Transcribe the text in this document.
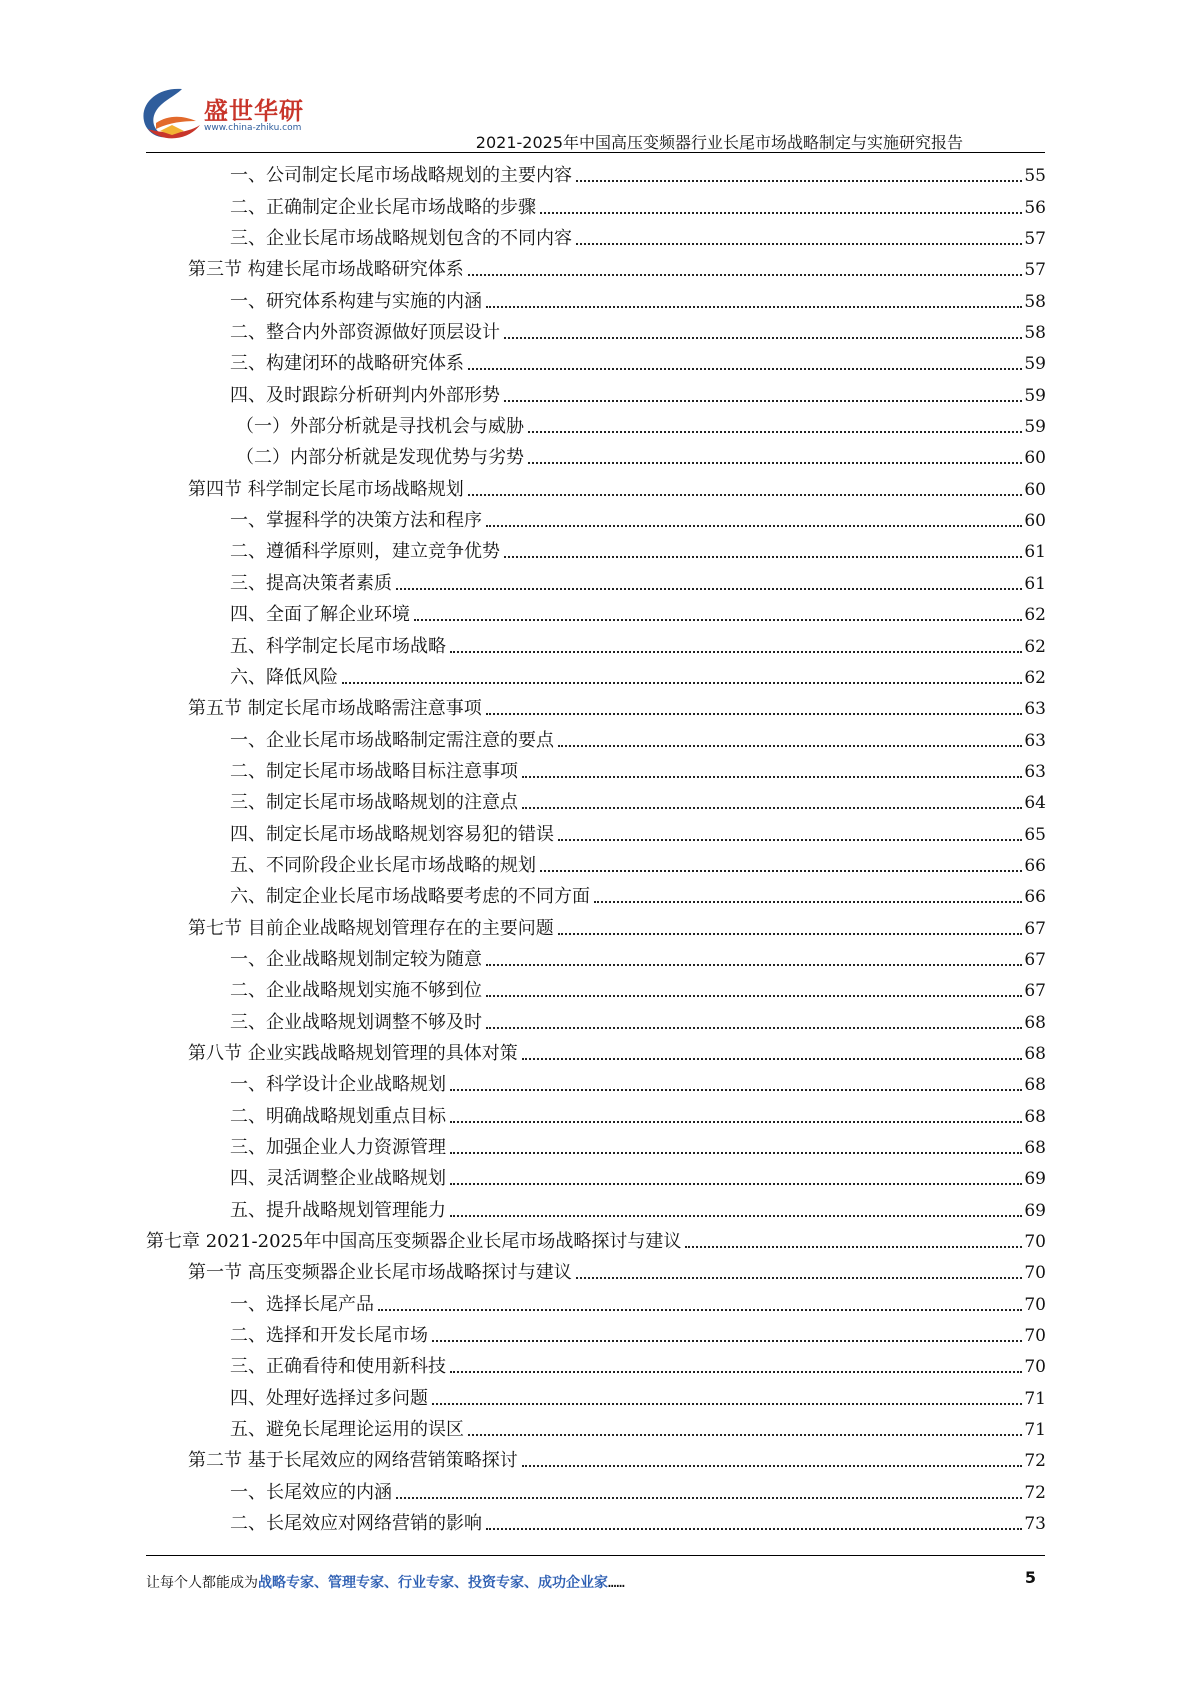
盛世华研
www.china-zhiku.com
2021-2025年中国高压变频器行业长尾市场战略制定与实施研究报告
一、公司制定长尾市场战略规划的主要内容	55
二、正确制定企业长尾市场战略的步骤	56
三、企业长尾市场战略规划包含的不同内容	57
第三节 构建长尾市场战略研究体系	57
一、研究体系构建与实施的内涵	58
二、整合内外部资源做好顶层设计	58
三、构建闭环的战略研究体系	59
四、及时跟踪分析研判内外部形势	59
（一）外部分析就是寻找机会与威胁	59
（二）内部分析就是发现优势与劣势	60
第四节 科学制定长尾市场战略规划	60
一、掌握科学的决策方法和程序	60
二、遵循科学原则，建立竞争优势	61
三、提高决策者素质	61
四、全面了解企业环境	62
五、科学制定长尾市场战略	62
六、降低风险	62
第五节 制定长尾市场战略需注意事项	63
一、企业长尾市场战略制定需注意的要点	63
二、制定长尾市场战略目标注意事项	63
三、制定长尾市场战略规划的注意点	64
四、制定长尾市场战略规划容易犯的错误	65
五、不同阶段企业长尾市场战略的规划	66
六、制定企业长尾市场战略要考虑的不同方面	66
第七节 目前企业战略规划管理存在的主要问题	67
一、企业战略规划制定较为随意	67
二、企业战略规划实施不够到位	67
三、企业战略规划调整不够及时	68
第八节 企业实践战略规划管理的具体对策	68
一、科学设计企业战略规划	68
二、明确战略规划重点目标	68
三、加强企业人力资源管理	68
四、灵活调整企业战略规划	69
五、提升战略规划管理能力	69
第七章 2021-2025年中国高压变频器企业长尾市场战略探讨与建议	70
第一节 高压变频器企业长尾市场战略探讨与建议	70
一、选择长尾产品	70
二、选择和开发长尾市场	70
三、正确看待和使用新科技	70
四、处理好选择过多问题	71
五、避免长尾理论运用的误区	71
第二节 基于长尾效应的网络营销策略探讨	72
一、长尾效应的内涵	72
二、长尾效应对网络营销的影响	73
让每个人都能成为战略专家、管理专家、行业专家、投资专家、成功企业家……	5
